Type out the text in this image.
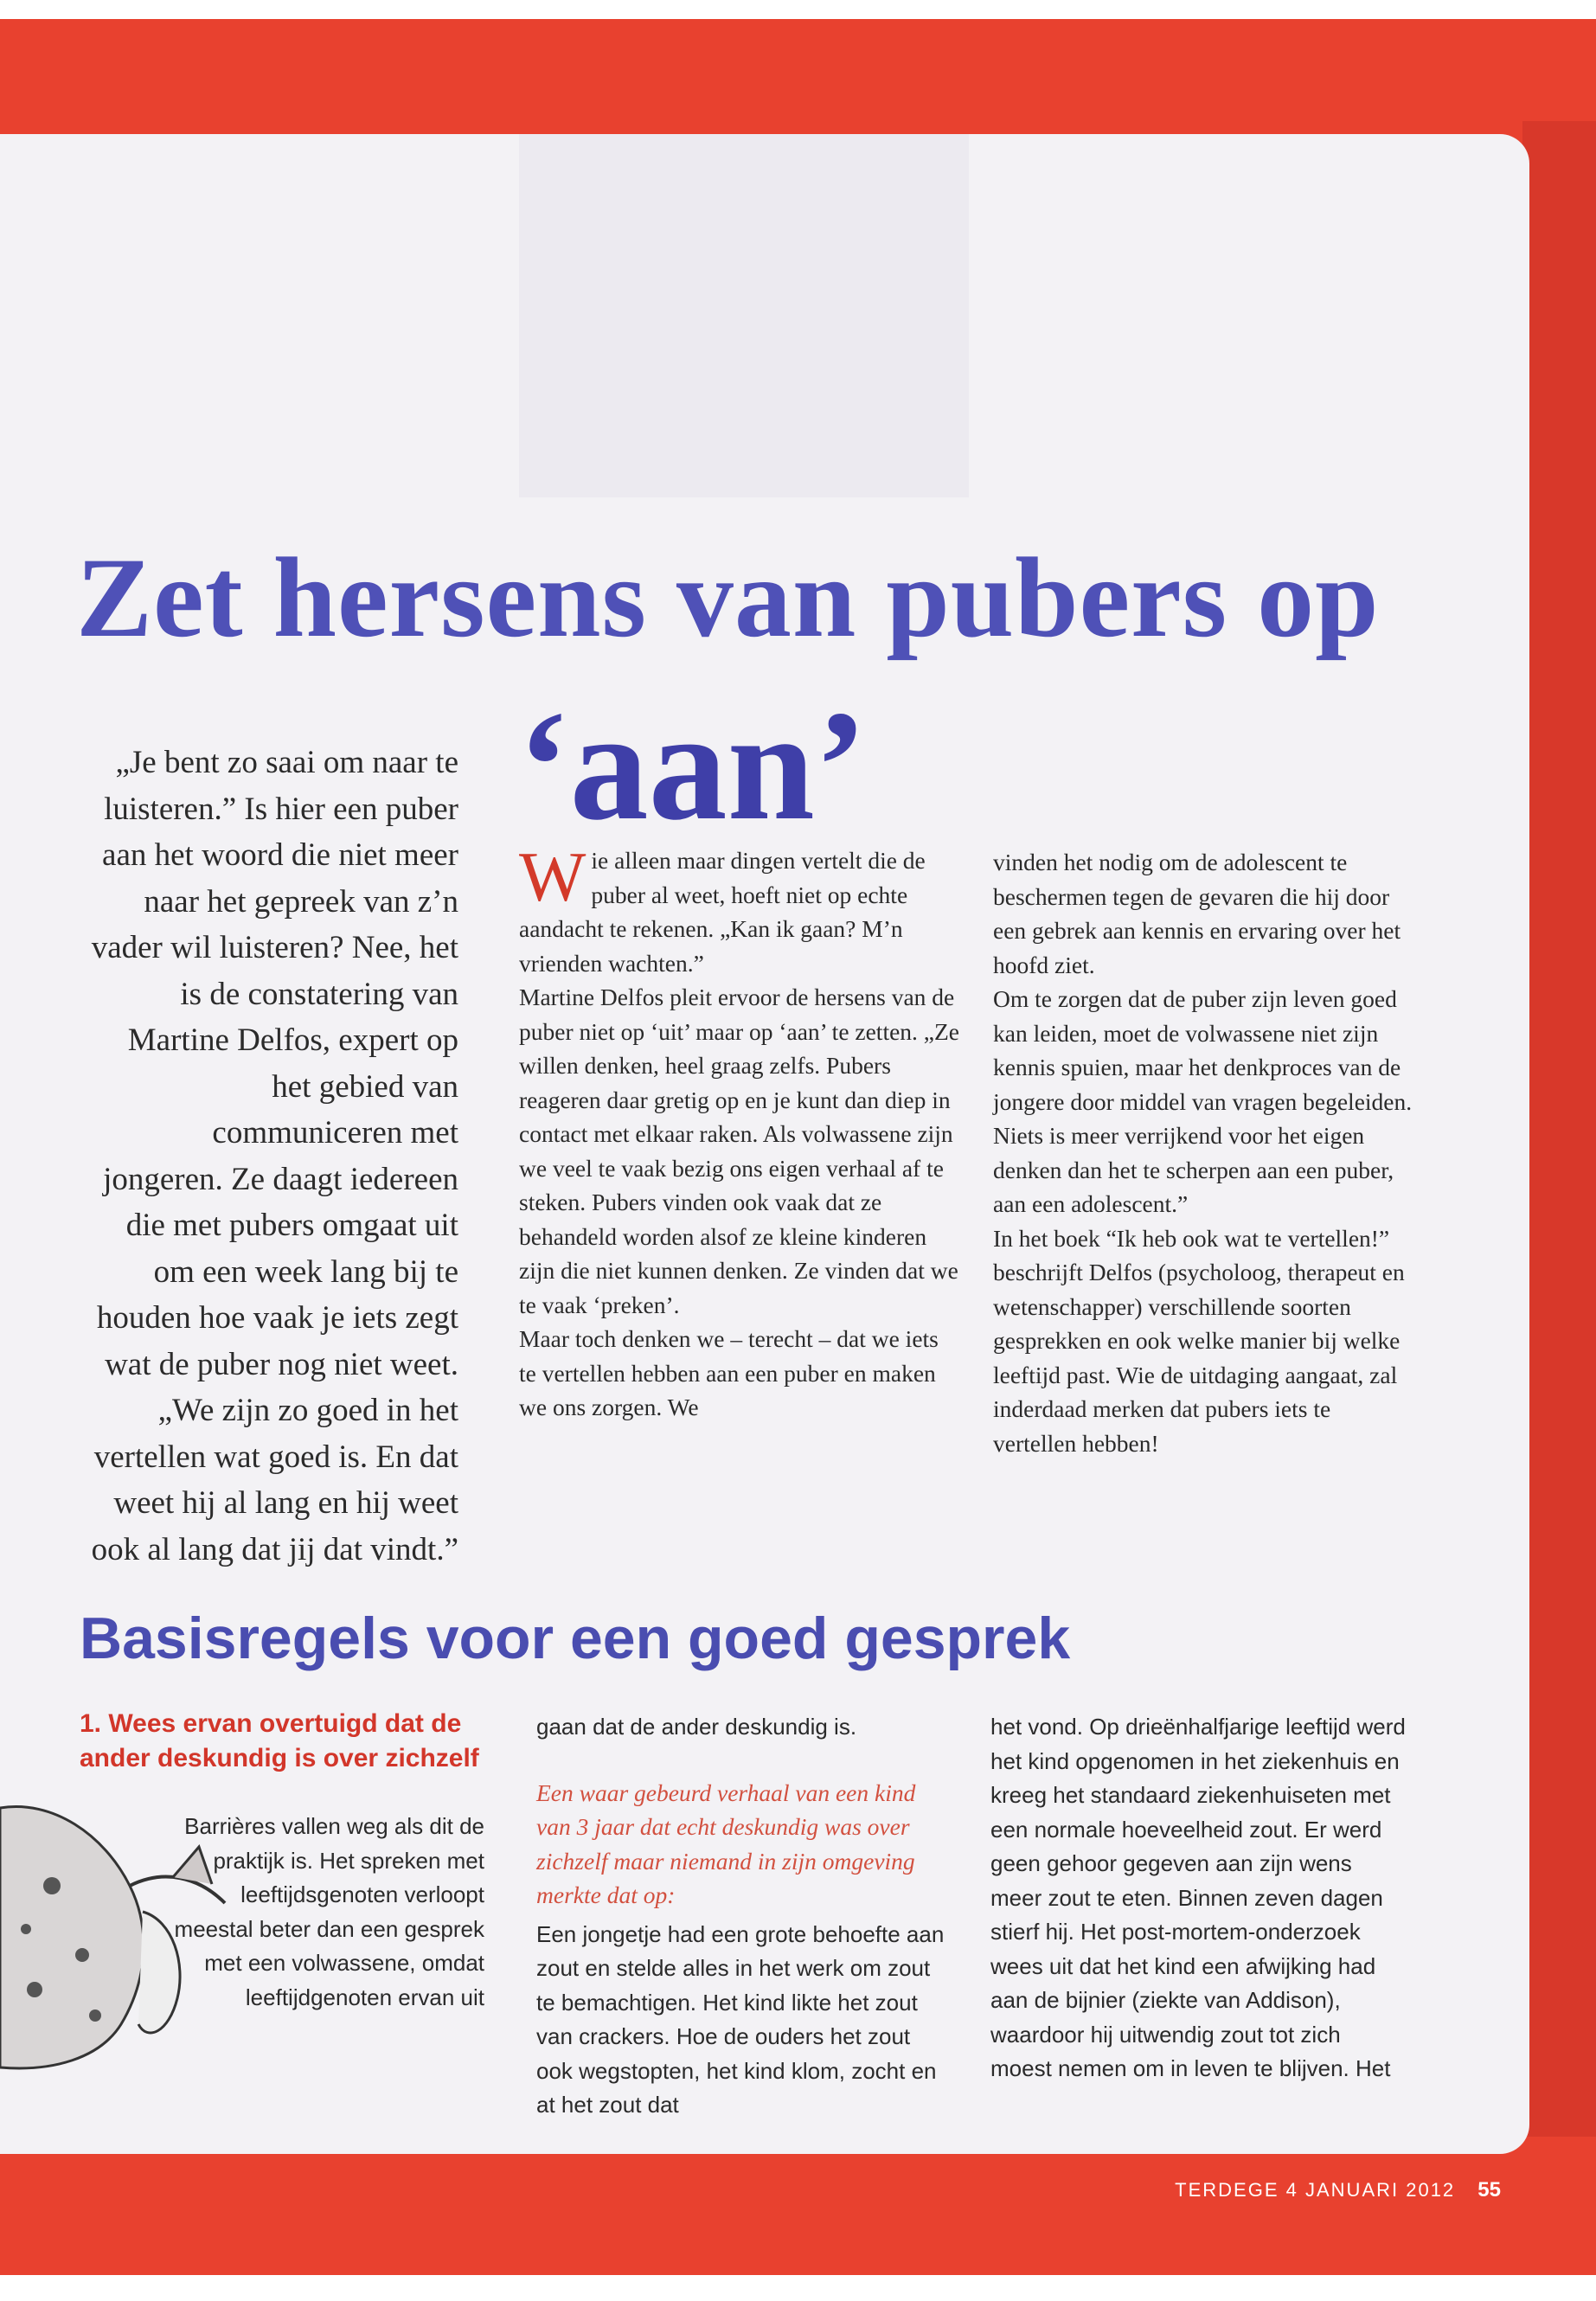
Zet hersens van pubers op
‘aan’
„Je bent zo saai om naar te luisteren.” Is hier een puber aan het woord die niet meer naar het gepreek van z’n vader wil luisteren? Nee, het is de constatering van Martine Delfos, expert op het gebied van communiceren met jongeren. Ze daagt iedereen die met pubers omgaat uit om een week lang bij te houden hoe vaak je iets zegt wat de puber nog niet weet. „We zijn zo goed in het vertellen wat goed is. En dat weet hij al lang en hij weet ook al lang dat jij dat vindt.”

Wie alleen maar dingen vertelt die de puber al weet, hoeft niet op echte aandacht te rekenen. „Kan ik gaan? M’n vrienden wachten.”

Martine Delfos pleit ervoor de hersens van de puber niet op ‘uit’ maar op ‘aan’ te zetten. „Ze willen denken, heel graag zelfs. Pubers reageren daar gretig op en je kunt dan diep in contact met elkaar raken. Als volwassene zijn we veel te vaak bezig ons eigen verhaal af te steken. Pubers vinden ook vaak dat ze behandeld worden alsof ze kleine kinderen zijn die niet kunnen denken. Ze vinden dat we te vaak ‘preken’.

Maar toch denken we – terecht – dat we iets te vertellen hebben aan een puber en maken we ons zorgen. We

vinden het nodig om de adolescent te beschermen tegen de gevaren die hij door een gebrek aan kennis en ervaring over het hoofd ziet.

Om te zorgen dat de puber zijn leven goed kan leiden, moet de volwassene niet zijn kennis spuien, maar het denkproces van de jongere door middel van vragen begeleiden. Niets is meer verrijkend voor het eigen denken dan het te scherpen aan een puber, aan een adolescent.”

In het boek “Ik heb ook wat te vertellen!” beschrijft Delfos (psycholoog, therapeut en wetenschapper) verschillende soorten gesprekken en ook welke manier bij welke leeftijd past. Wie de uitdaging aangaat, zal inderdaad merken dat pubers iets te vertellen hebben!

Basisregels voor een goed gesprek
1. Wees ervan overtuigd dat de ander deskundig is over zichzelf
Barrières vallen weg als dit de praktijk is. Het spreken met leeftijdsgenoten verloopt meestal beter dan een gesprek met een volwassene, omdat leeftijdgenoten ervan uit

gaan dat de ander deskundig is.

Een waar gebeurd verhaal van een kind van 3 jaar dat echt deskundig was over zichzelf maar niemand in zijn omgeving merkte dat op:

Een jongetje had een grote behoefte aan zout en stelde alles in het werk om zout te bemachtigen. Het kind likte het zout van crackers. Hoe de ouders het zout ook wegstopten, het kind klom, zocht en at het zout dat

het vond. Op drieënhalfjarige leeftijd werd het kind opgenomen in het ziekenhuis en kreeg het standaard ziekenhuiseten met een normale hoeveelheid zout. Er werd geen gehoor gegeven aan zijn wens meer zout te eten. Binnen zeven dagen stierf hij. Het post-mortem-onderzoek wees uit dat het kind een afwijking had aan de bijnier (ziekte van Addison), waardoor hij uitwendig zout tot zich moest nemen om in leven te blijven. Het

TERDEGE 4 JANUARI 2012 55
